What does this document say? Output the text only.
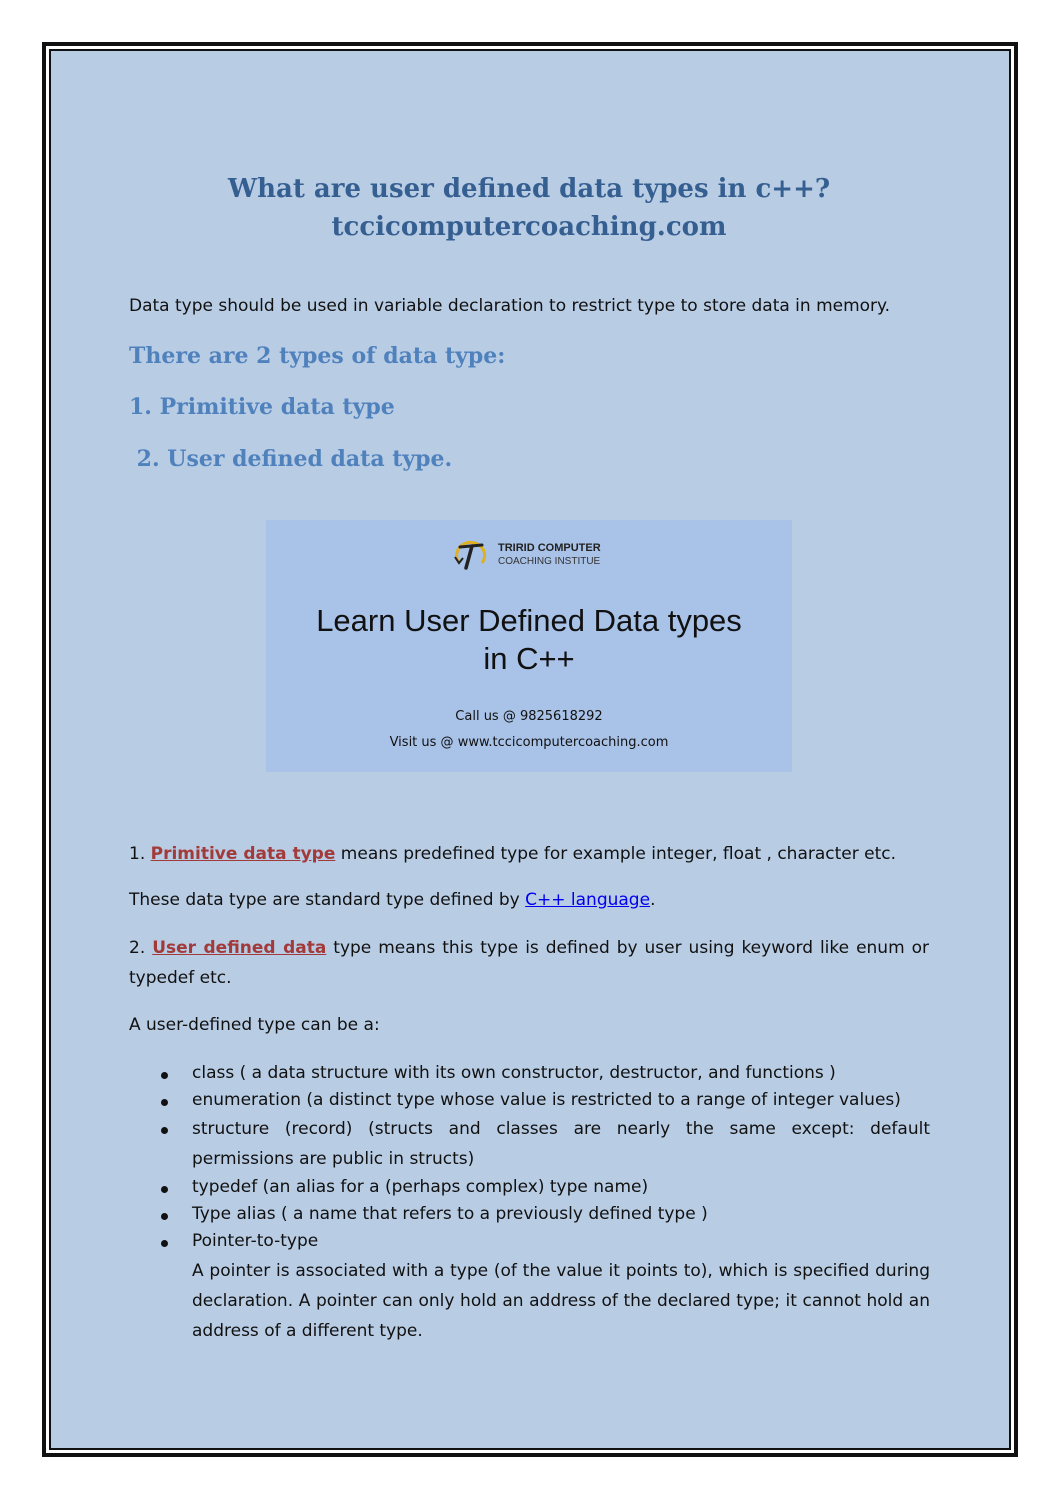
What are user defined data types in c++?
tccicomputercoaching.com

Data type should be used in variable declaration to restrict type to store data in memory.

There are 2 types of data type:
1. Primitive data type
2. User defined data type.
TRIRID COMPUTER
COACHING INSTITUE
Learn User Defined Data types
in C++
Call us @ 9825618292
Visit us @ www.tccicomputercoaching.com

1. Primitive data type means predefined type for example integer, float , character etc.

These data type are standard type defined by C++ language.

2. User defined data type means this type is defined by user using keyword like enum or typedef etc.

A user-defined type can be a:

class ( a data structure with its own constructor, destructor, and functions )
enumeration (a distinct type whose value is restricted to a range of integer values)
structure (record) (structs and classes are nearly the same except: default permissions are public in structs)
typedef (an alias for a (perhaps complex) type name)
Type alias ( a name that refers to a previously defined type )
Pointer-to-type
A pointer is associated with a type (of the value it points to), which is specified during declaration. A pointer can only hold an address of the declared type; it cannot hold an address of a different type.
